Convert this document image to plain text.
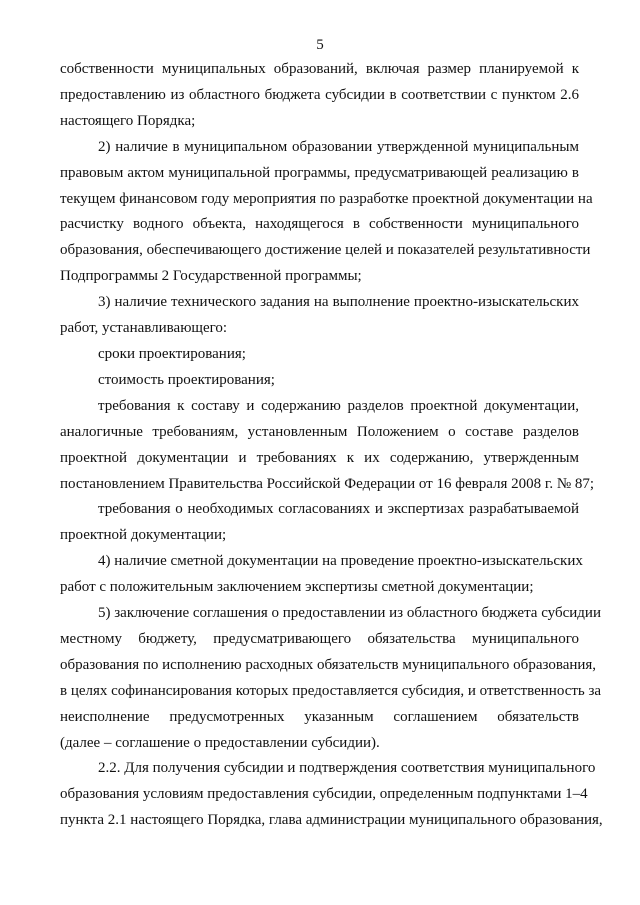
5

собственности муниципальных образований, включая размер планируемой к
предоставлению из областного бюджета субсидии в соответствии с пунктом 2.6
настоящего Порядка;

2) наличие в муниципальном образовании утвержденной муниципальным
правовым актом муниципальной программы, предусматривающей реализацию в
текущем финансовом году мероприятия по разработке проектной документации на
расчистку водного объекта, находящегося в собственности муниципального
образования, обеспечивающего достижение целей и показателей результативности
Подпрограммы 2 Государственной программы;

3) наличие технического задания на выполнение проектно-изыскательских
работ, устанавливающего:

сроки проектирования;

стоимость проектирования;

требования к составу и содержанию разделов проектной документации,
аналогичные требованиям, установленным Положением о составе разделов
проектной документации и требованиях к их содержанию, утвержденным
постановлением Правительства Российской Федерации от 16 февраля 2008 г. № 87;

требования о необходимых согласованиях и экспертизах разрабатываемой
проектной документации;

4) наличие сметной документации на проведение проектно-изыскательских
работ с положительным заключением экспертизы сметной документации;

5) заключение соглашения о предоставлении из областного бюджета субсидии
местному бюджету, предусматривающего обязательства муниципального
образования по исполнению расходных обязательств муниципального образования,
в целях софинансирования которых предоставляется субсидия, и ответственность за
неисполнение предусмотренных указанным соглашением обязательств
(далее – соглашение о предоставлении субсидии).

2.2. Для получения субсидии и подтверждения соответствия муниципального
образования условиям предоставления субсидии, определенным подпунктами 1–4
пункта 2.1 настоящего Порядка, глава администрации муниципального образования,
